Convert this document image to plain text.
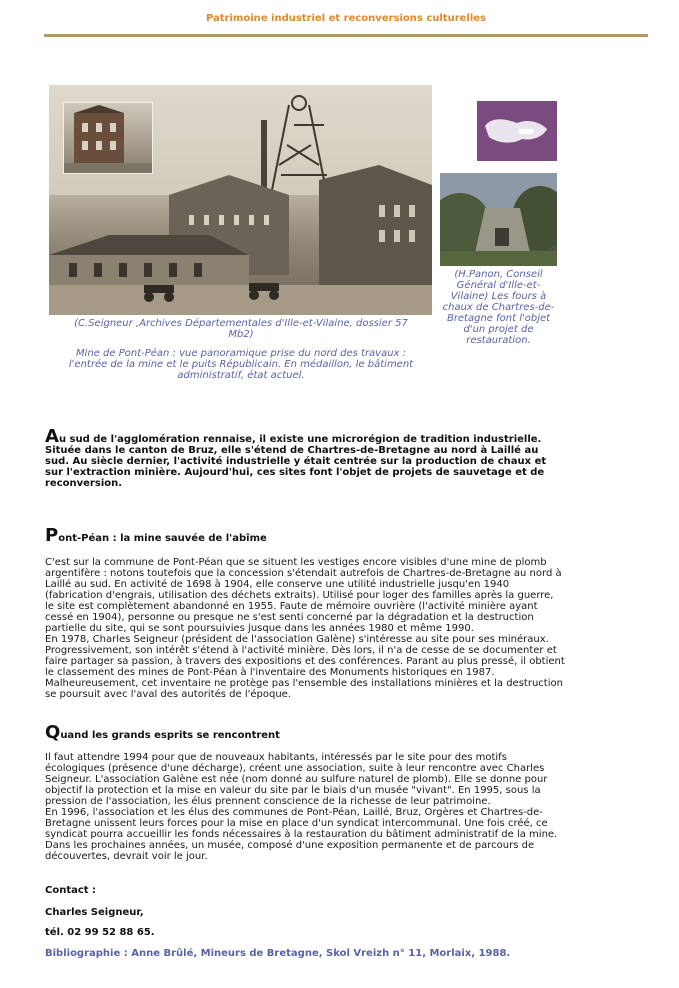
Patrimoine industriel et reconversions culturelles
(C.Seigneur ,Archives Départementales d'Ille-et-Vilaine, dossier 57 Mb2)
Mine de Pont-Péan : vue panoramique prise du nord des travaux : l'entrée de la mine et le puits Républicain. En médaillon, le bâtiment administratif, état actuel.
(H.Panon, Conseil Général d'Ille-et-Vilaine) Les fours à chaux de Chartres-de-Bretagne font l'objet d'un projet de restauration.
Au sud de l'agglomération rennaise, il existe une microrégion de tradition industrielle. Située dans le canton de Bruz, elle s'étend de Chartres-de-Bretagne au nord à Laillé au sud. Au siècle dernier, l'activité industrielle y était centrée sur la production de chaux et sur l'extraction minière. Aujourd'hui, ces sites font l'objet de projets de sauvetage et de reconversion.
Pont-Péan : la mine sauvée de l'abîme

C'est sur la commune de Pont-Péan que se situent les vestiges encore visibles d'une mine de plomb argentifère : notons toutefois que la concession s'étendait autrefois de Chartres-de-Bretagne au nord à Laillé au sud. En activité de 1698 à 1904, elle conserve une utilité industrielle jusqu'en 1940 (fabrication d'engrais, utilisation des déchets extraits). Utilisé pour loger des familles après la guerre, le site est complètement abandonné en 1955. Faute de mémoire ouvrière (l'activité minière ayant cessé en 1904), personne ou presque ne s'est senti concerné par la dégradation et la destruction partielle du site, qui se sont poursuivies jusque dans les années 1980 et même 1990.

En 1978, Charles Seigneur (président de l'association Galène) s'intéresse au site pour ses minéraux. Progressivement, son intérêt s'étend à l'activité minière. Dès lors, il n'a de cesse de se documenter et faire partager sa passion, à travers des expositions et des conférences. Parant au plus pressé, il obtient le classement des mines de Pont-Péan à l'inventaire des Monuments historiques en 1987. Malheureusement, cet inventaire ne protège pas l'ensemble des installations minières et la destruction se poursuit avec l'aval des autorités de l'époque.

Quand les grands esprits se rencontrent

Il faut attendre 1994 pour que de nouveaux habitants, intéressés par le site pour des motifs écologiques (présence d'une décharge), créent une association, suite à leur rencontre avec Charles Seigneur. L'association Galène est née (nom donné au sulfure naturel de plomb). Elle se donne pour objectif la protection et la mise en valeur du site par le biais d'un musée "vivant". En 1995, sous la pression de l'association, les élus prennent conscience de la richesse de leur patrimoine.

En 1996, l'association et les élus des communes de Pont-Péan, Laillé, Bruz, Orgères et Chartres-de-Bretagne unissent leurs forces pour la mise en place d'un syndicat intercommunal. Une fois créé, ce syndicat pourra accueillir les fonds nécessaires à la restauration du bâtiment administratif de la mine. Dans les prochaines années, un musée, composé d'une exposition permanente et de parcours de découvertes, devrait voir le jour.

Contact :
Charles Seigneur,
tél. 02 99 52 88 65.
Bibliographie : Anne Brûlé, Mineurs de Bretagne, Skol Vreizh n° 11, Morlaix, 1988.
